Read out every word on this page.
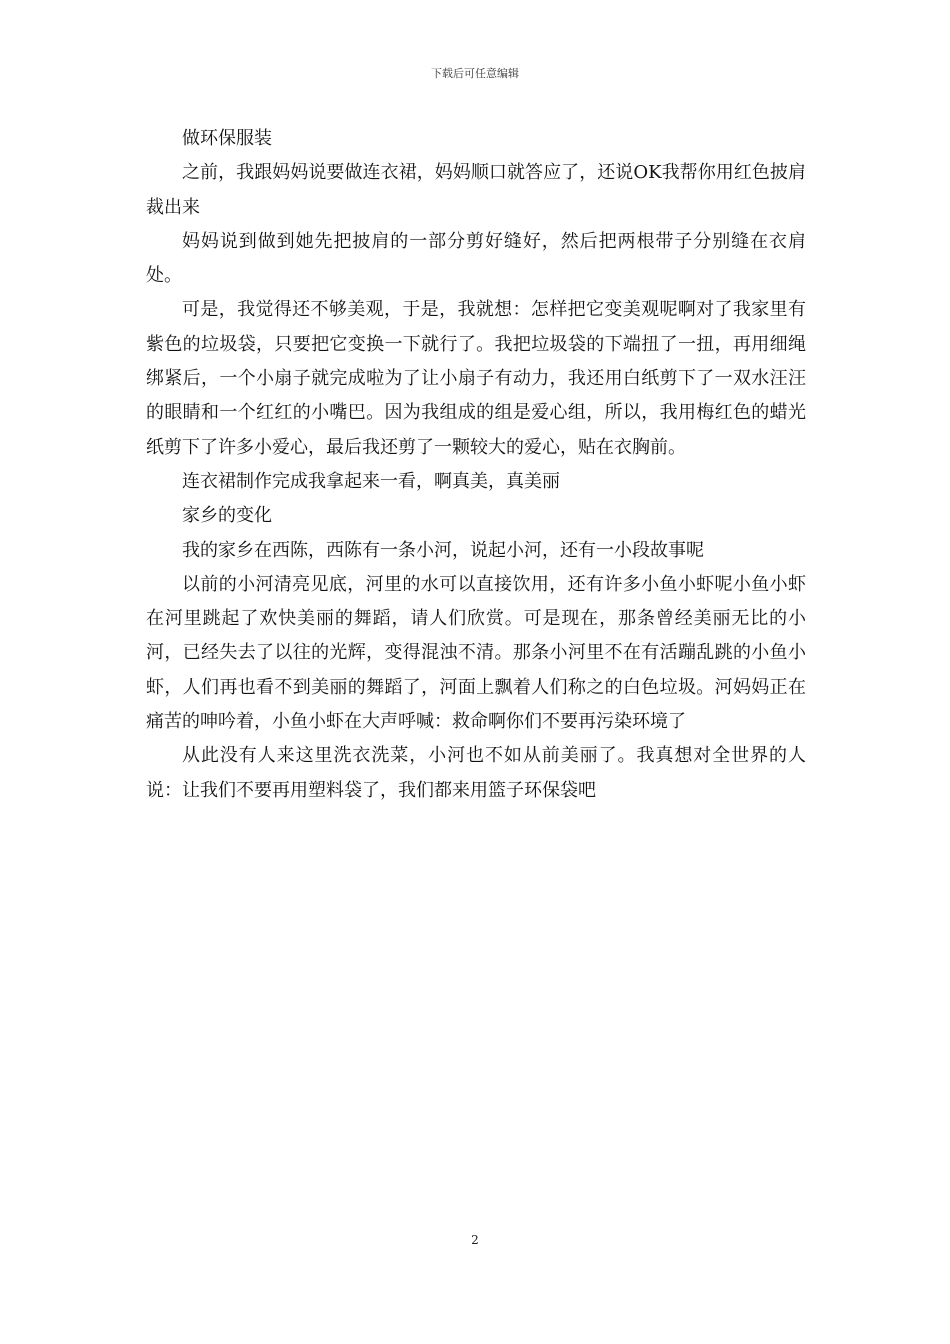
下载后可任意编辑

做环保服装

之前，我跟妈妈说要做连衣裙，妈妈顺口就答应了，还说OK我帮你用红色披肩裁出来

妈妈说到做到她先把披肩的一部分剪好缝好，然后把两根带子分别缝在衣肩处。

可是，我觉得还不够美观，于是，我就想：怎样把它变美观呢啊对了我家里有紫色的垃圾袋，只要把它变换一下就行了。我把垃圾袋的下端扭了一扭，再用细绳绑紧后，一个小扇子就完成啦为了让小扇子有动力，我还用白纸剪下了一双水汪汪的眼睛和一个红红的小嘴巴。因为我组成的组是爱心组，所以，我用梅红色的蜡光纸剪下了许多小爱心，最后我还剪了一颗较大的爱心，贴在衣胸前。

连衣裙制作完成我拿起来一看，啊真美，真美丽

家乡的变化

我的家乡在西陈，西陈有一条小河，说起小河，还有一小段故事呢

以前的小河清亮见底，河里的水可以直接饮用，还有许多小鱼小虾呢小鱼小虾在河里跳起了欢快美丽的舞蹈，请人们欣赏。可是现在，那条曾经美丽无比的小河，已经失去了以往的光辉，变得混浊不清。那条小河里不在有活蹦乱跳的小鱼小虾，人们再也看不到美丽的舞蹈了，河面上飘着人们称之的白色垃圾。河妈妈正在痛苦的呻吟着，小鱼小虾在大声呼喊：救命啊你们不要再污染环境了

从此没有人来这里洗衣洗菜，小河也不如从前美丽了。我真想对全世界的人说：让我们不要再用塑料袋了，我们都来用篮子环保袋吧

2
